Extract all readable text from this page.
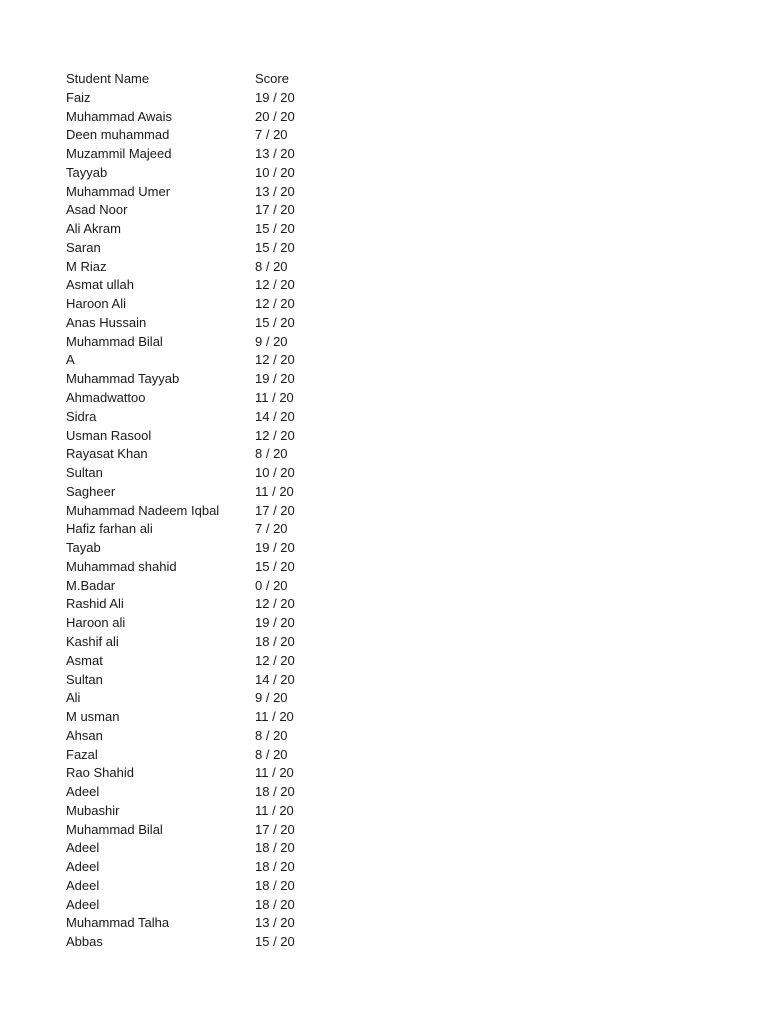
Student Name	Score
Faiz	19 / 20
Muhammad Awais	20 / 20
Deen muhammad	7 / 20
Muzammil Majeed	13 / 20
Tayyab	10 / 20
Muhammad Umer	13 / 20
Asad Noor	17 / 20
Ali Akram	15 / 20
Saran	15 / 20
M Riaz	8 / 20
Asmat ullah	12 / 20
Haroon Ali	12 / 20
Anas Hussain	15 / 20
Muhammad Bilal	9 / 20
A	12 / 20
Muhammad Tayyab	19 / 20
Ahmadwattoo	11 / 20
Sidra	14 / 20
Usman Rasool	12 / 20
Rayasat Khan	8 / 20
Sultan	10 / 20
Sagheer	11 / 20
Muhammad Nadeem Iqbal	17 / 20
Hafiz farhan ali	7 / 20
Tayab	19 / 20
Muhammad shahid	15 / 20
M.Badar	0 / 20
Rashid Ali	12 / 20
Haroon ali	19 / 20
Kashif ali	18 / 20
Asmat	12 / 20
Sultan	14 / 20
Ali	9 / 20
M usman	11 / 20
Ahsan	8 / 20
Fazal	8 / 20
Rao Shahid	11 / 20
Adeel	18 / 20
Mubashir	11 / 20
Muhammad Bilal	17 / 20
Adeel	18 / 20
Adeel	18 / 20
Adeel	18 / 20
Adeel	18 / 20
Muhammad Talha	13 / 20
Abbas	15 / 20
